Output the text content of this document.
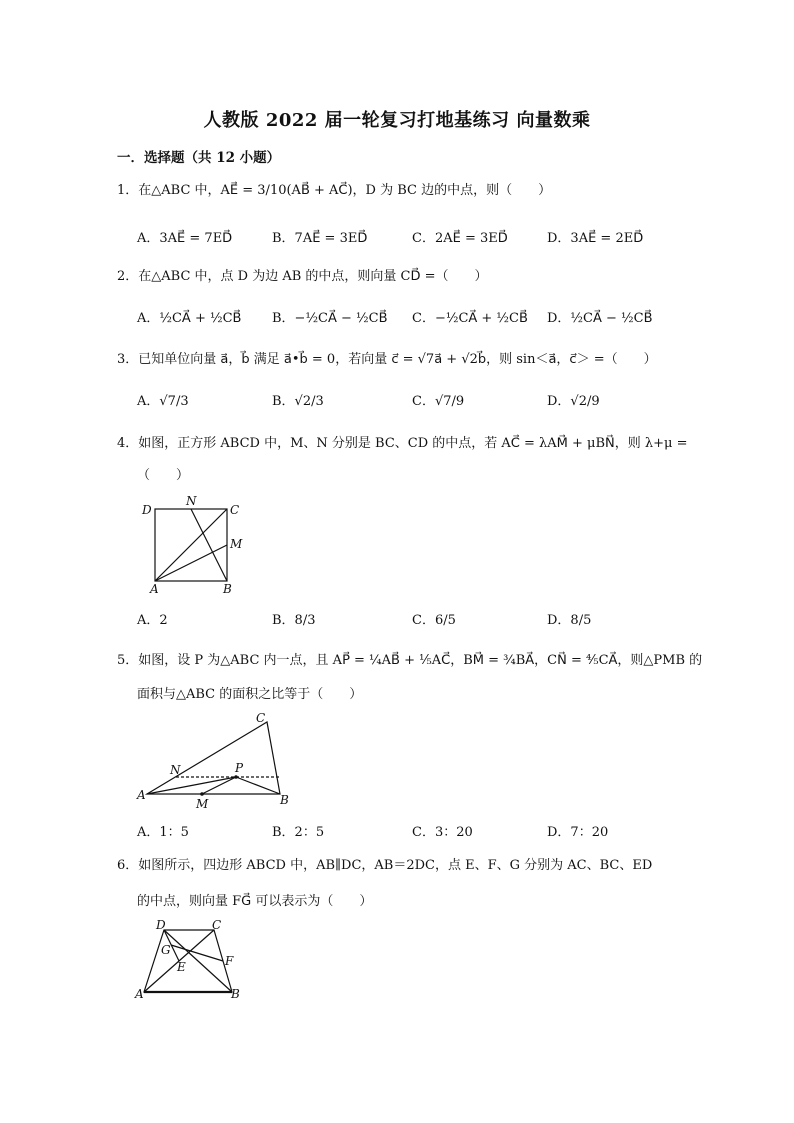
人教版 2022 届一轮复习打地基练习 向量数乘
一．选择题（共 12 小题）
1．在△ABC 中，AE⃗ = 3/10(AB⃗ + AC⃗)，D 为 BC 边的中点，则（　　）
A．3AE⃗ = 7ED⃗	B．7AE⃗ = 3ED⃗	C．2AE⃗ = 3ED⃗	D．3AE⃗ = 2ED⃗
2．在△ABC 中，点 D 为边 AB 的中点，则向量 CD⃗ =（　　）
A．½CA⃗ + ½CB⃗ B．−½CA⃗ − ½CB⃗ C．−½CA⃗ + ½CB⃗ D．½CA⃗ − ½CB⃗
3．已知单位向量 a⃗，b⃗ 满足 a⃗•b⃗ = 0，若向量 c⃗ = √7a⃗ + √2b⃗，则 sin＜a⃗，c⃗＞ =（　　）
A．√7/3	B．√2/3	C．√7/9	D．√2/9
4．如图，正方形 ABCD 中，M、N 分别是 BC、CD 的中点，若 AC⃗ = λAM⃗ + μBN⃗，则 λ+μ =
（　　）
D
N
C
M
A	B
A．2	B．8/3	C．6/5	D．8/5
5．如图，设 P 为△ABC 内一点，且 AP⃗ = ¼AB⃗ + ⅕AC⃗，BM⃗ = ¾BA⃗，CN⃗ = ⅘CA⃗，则△PMB 的
面积与△ABC 的面积之比等于（　　）
C
N	P
A
M	B
A．1：5	B．2：5	C．3：20	D．7：20
6．如图所示，四边形 ABCD 中，AB∥DC，AB＝2DC，点 E、F、G 分别为 AC、BC、ED
的中点，则向量 FG⃗ 可以表示为（　　）
D	C
G
E	F
A	B
